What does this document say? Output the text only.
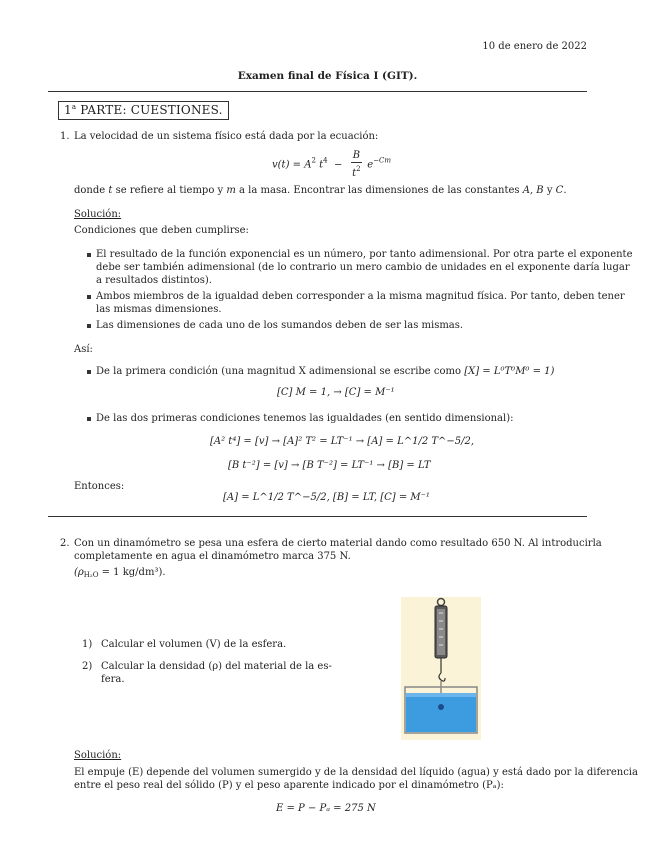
10 de enero de 2022
Examen final de Física I (GIT).
1$^a$ PARTE: CUESTIONES.
1. La velocidad de un sistema físico está dada por la ecuación:
$v(t) = A^2$ $t^4 - \frac{B}{t^2} e^{-Cm}$
donde t se refiere al tiempo y m a la masa. Encontrar las dimensiones de las constantes A, B y C.
Solución:
Condiciones que deben cumplirse:
El resultado de la función exponencial es un número, por tanto adimensional. Por otra parte el exponente
debe ser también adimensional (de lo contrario un mero cambio de unidades en el exponente daría lugar
a resultados distintos).
Ambos miembros de la igualdad deben corresponder a la misma magnitud física. Por tanto, deben tener
las mismas dimensiones.
Las dimensiones de cada uno de los sumandos deben de ser las mismas.
Así:
De la primera condición (una magnitud X adimensional se escribe como [X] = L⁰T⁰M⁰ = 1)
[C] M = 1, → [C] = M⁻¹
De las dos primeras condiciones tenemos las igualdades (en sentido dimensional):
[A² t⁴] = [v] → [A]² T² = LT⁻¹ → [A] = L^1/2 T^−5/2,
[B t⁻²] = [v] → [B T⁻²] = LT⁻¹ → [B] = LT
Entonces:
[A] = L^1/2 T^−5/2, [B] = LT, [C] = M⁻¹
2. Con un dinamómetro se pesa una esfera de cierto material dando como resultado 650 N. Al introducirla
completamente en agua el dinamómetro marca 375 N.
($\rho_{H_2O} = 1$ kg/dm³).
1) Calcular el volumen (V) de la esfera.
2) Calcular la densidad (ρ) del material de la es-
fera.
Solución:
El empuje (E) depende del volumen sumergido y de la densidad del líquido (agua) y está dado por la diferencia
entre el peso real del sólido (P) y el peso aparente indicado por el dinamómetro (Pₐ):
E = P − Pₐ = 275 N
